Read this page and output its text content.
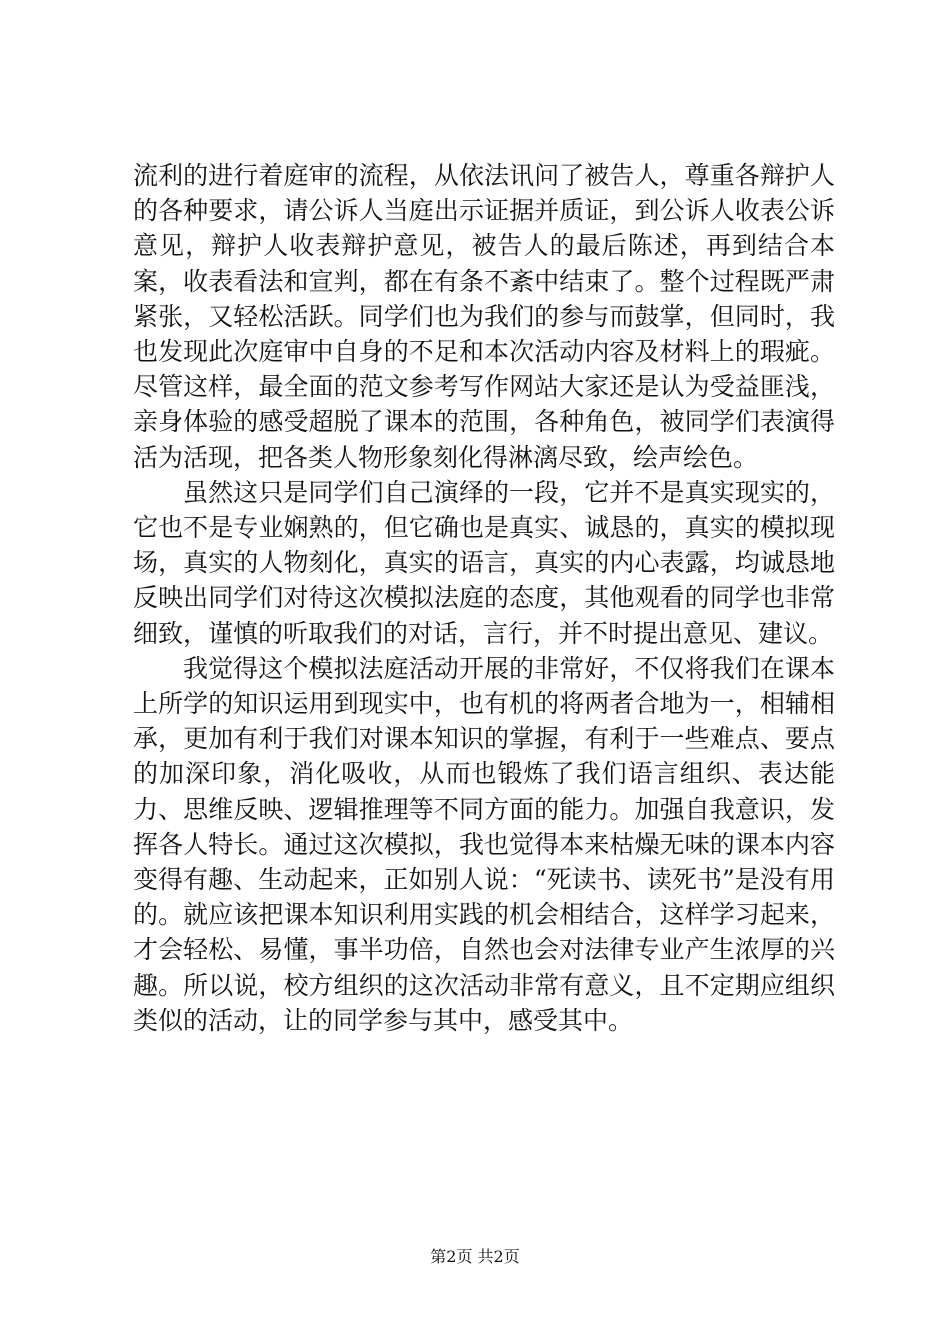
流利的进行着庭审的流程，从依法讯问了被告人，尊重各辩护人的各种要求，请公诉人当庭出示证据并质证，到公诉人收表公诉意见，辩护人收表辩护意见，被告人的最后陈述，再到结合本案，收表看法和宣判，都在有条不紊中结束了。整个过程既严肃紧张，又轻松活跃。同学们也为我们的参与而鼓掌，但同时，我也发现此次庭审中自身的不足和本次活动内容及材料上的瑕疵。尽管这样，最全面的范文参考写作网站大家还是认为受益匪浅，亲身体验的感受超脱了课本的范围，各种角色，被同学们表演得活为活现，把各类人物形象刻化得淋漓尽致，绘声绘色。

虽然这只是同学们自己演绎的一段，它并不是真实现实的，它也不是专业娴熟的，但它确也是真实、诚恳的，真实的模拟现场，真实的人物刻化，真实的语言，真实的内心表露，均诚恳地反映出同学们对待这次模拟法庭的态度，其他观看的同学也非常细致，谨慎的听取我们的对话，言行，并不时提出意见、建议。

我觉得这个模拟法庭活动开展的非常好，不仅将我们在课本上所学的知识运用到现实中，也有机的将两者合地为一，相辅相承，更加有利于我们对课本知识的掌握，有利于一些难点、要点的加深印象，消化吸收，从而也锻炼了我们语言组织、表达能力、思维反映、逻辑推理等不同方面的能力。加强自我意识，发挥各人特长。通过这次模拟，我也觉得本来枯燥无味的课本内容变得有趣、生动起来，正如别人说：“死读书、读死书”是没有用的。就应该把课本知识利用实践的机会相结合，这样学习起来，才会轻松、易懂，事半功倍，自然也会对法律专业产生浓厚的兴趣。所以说，校方组织的这次活动非常有意义，且不定期应组织类似的活动，让的同学参与其中，感受其中。

第2页 共2页
